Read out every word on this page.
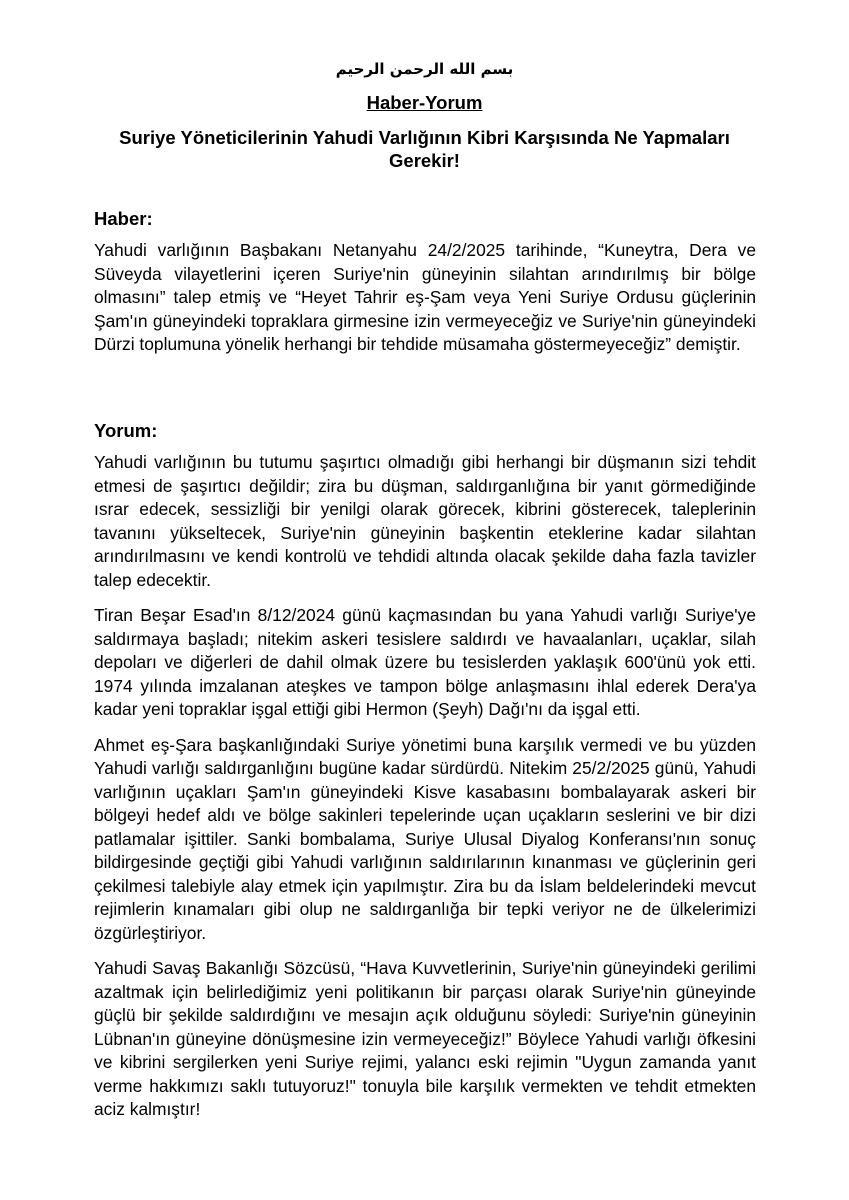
بسم الله الرحمن الرحيم
Haber-Yorum
Suriye Yöneticilerinin Yahudi Varlığının Kibri Karşısında Ne Yapmaları Gerekir!
Haber:

Yahudi varlığının Başbakanı Netanyahu 24/2/2025 tarihinde, “Kuneytra, Dera ve Süveyda vilayetlerini içeren Suriye'nin güneyinin silahtan arındırılmış bir bölge olmasını” talep etmiş ve “Heyet Tahrir eş-Şam veya Yeni Suriye Ordusu güçlerinin Şam'ın güneyindeki topraklara girmesine izin vermeyeceğiz ve Suriye'nin güneyindeki Dürzi toplumuna yönelik herhangi bir tehdide müsamaha göstermeyeceğiz” demiştir.

Yorum:

Yahudi varlığının bu tutumu şaşırtıcı olmadığı gibi herhangi bir düşmanın sizi tehdit etmesi de şaşırtıcı değildir; zira bu düşman, saldırganlığına bir yanıt görmediğinde ısrar edecek, sessizliği bir yenilgi olarak görecek, kibrini gösterecek, taleplerinin tavanını yükseltecek, Suriye'nin güneyinin başkentin eteklerine kadar silahtan arındırılmasını ve kendi kontrolü ve tehdidi altında olacak şekilde daha fazla tavizler talep edecektir.

Tiran Beşar Esad'ın 8/12/2024 günü kaçmasından bu yana Yahudi varlığı Suriye'ye saldırmaya başladı; nitekim askeri tesislere saldırdı ve havaalanları, uçaklar, silah depoları ve diğerleri de dahil olmak üzere bu tesislerden yaklaşık 600'ünü yok etti. 1974 yılında imzalanan ateşkes ve tampon bölge anlaşmasını ihlal ederek Dera'ya kadar yeni topraklar işgal ettiği gibi Hermon (Şeyh) Dağı'nı da işgal etti.

Ahmet eş-Şara başkanlığındaki Suriye yönetimi buna karşılık vermedi ve bu yüzden Yahudi varlığı saldırganlığını bugüne kadar sürdürdü. Nitekim 25/2/2025 günü, Yahudi varlığının uçakları Şam'ın güneyindeki Kisve kasabasını bombalayarak askeri bir bölgeyi hedef aldı ve bölge sakinleri tepelerinde uçan uçakların seslerini ve bir dizi patlamalar işittiler. Sanki bombalama, Suriye Ulusal Diyalog Konferansı'nın sonuç bildirgesinde geçtiği gibi Yahudi varlığının saldırılarının kınanması ve güçlerinin geri çekilmesi talebiyle alay etmek için yapılmıştır. Zira bu da İslam beldelerindeki mevcut rejimlerin kınamaları gibi olup ne saldırganlığa bir tepki veriyor ne de ülkelerimizi özgürleştiriyor.

Yahudi Savaş Bakanlığı Sözcüsü, “Hava Kuvvetlerinin, Suriye'nin güneyindeki gerilimi azaltmak için belirlediğimiz yeni politikanın bir parçası olarak Suriye'nin güneyinde güçlü bir şekilde saldırdığını ve mesajın açık olduğunu söyledi: Suriye'nin güneyinin Lübnan'ın güneyine dönüşmesine izin vermeyeceğiz!” Böylece Yahudi varlığı öfkesini ve kibrini sergilerken yeni Suriye rejimi, yalancı eski rejimin "Uygun zamanda yanıt verme hakkımızı saklı tutuyoruz!" tonuyla bile karşılık vermekten ve tehdit etmekten aciz kalmıştır!
